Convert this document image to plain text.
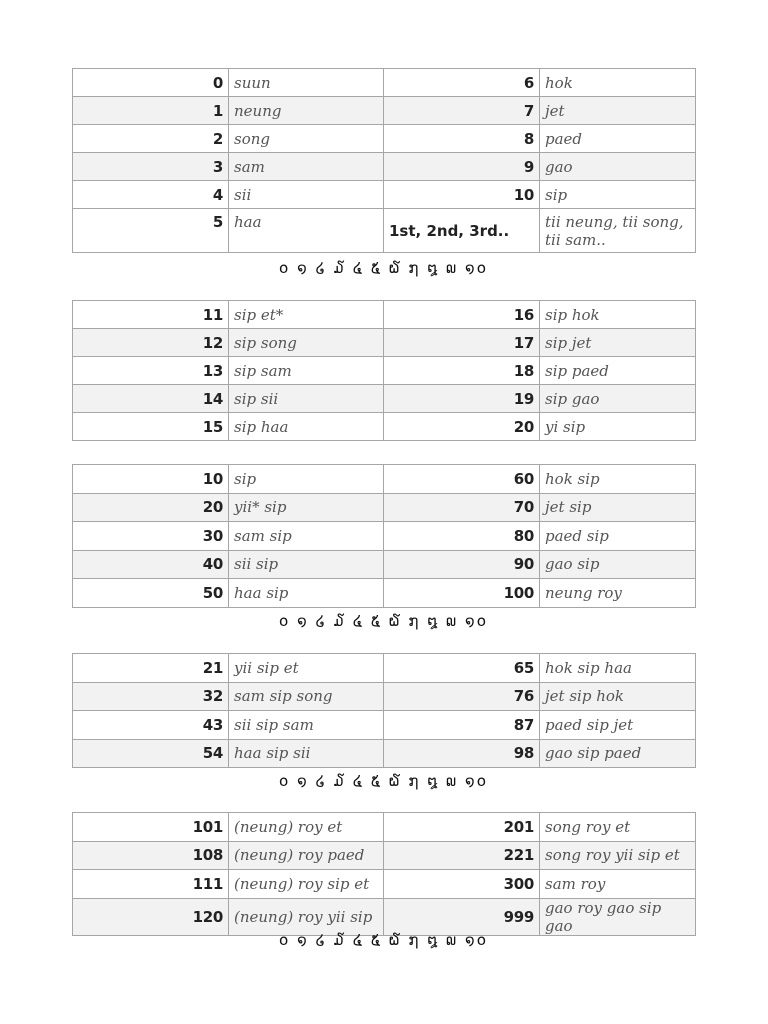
0	suun	6	hok
1	neung	7	jet
2	song	8	paed
3	sam	9	gao
4	sii	10	sip
5	haa	1st, 2nd, 3rd..	tii neung, tii song, tii sam..
໐ ໑ ໒ ໓ ໔ ໕ ໖ ໗ ໘ ໙ ໑໐
11	sip et*	16	sip hok
12	sip song	17	sip jet
13	sip sam	18	sip paed
14	sip sii	19	sip gao
15	sip haa	20	yi sip
10	sip	60	hok sip
20	yii* sip	70	jet sip
30	sam sip	80	paed sip
40	sii sip	90	gao sip
50	haa sip	100	neung roy
໐ ໑ ໒ ໓ ໔ ໕ ໖ ໗ ໘ ໙ ໑໐
21	yii sip et	65	hok sip haa
32	sam sip song	76	jet sip hok
43	sii sip sam	87	paed sip jet
54	haa sip sii	98	gao sip paed
໐ ໑ ໒ ໓ ໔ ໕ ໖ ໗ ໘ ໙ ໑໐
101	(neung) roy et	201	song roy et
108	(neung) roy paed	221	song roy yii sip et
111	(neung) roy sip et	300	sam roy
120	(neung) roy yii sip	999	gao roy gao sip gao
໐ ໑ ໒ ໓ ໔ ໕ ໖ ໗ ໘ ໙ ໑໐
